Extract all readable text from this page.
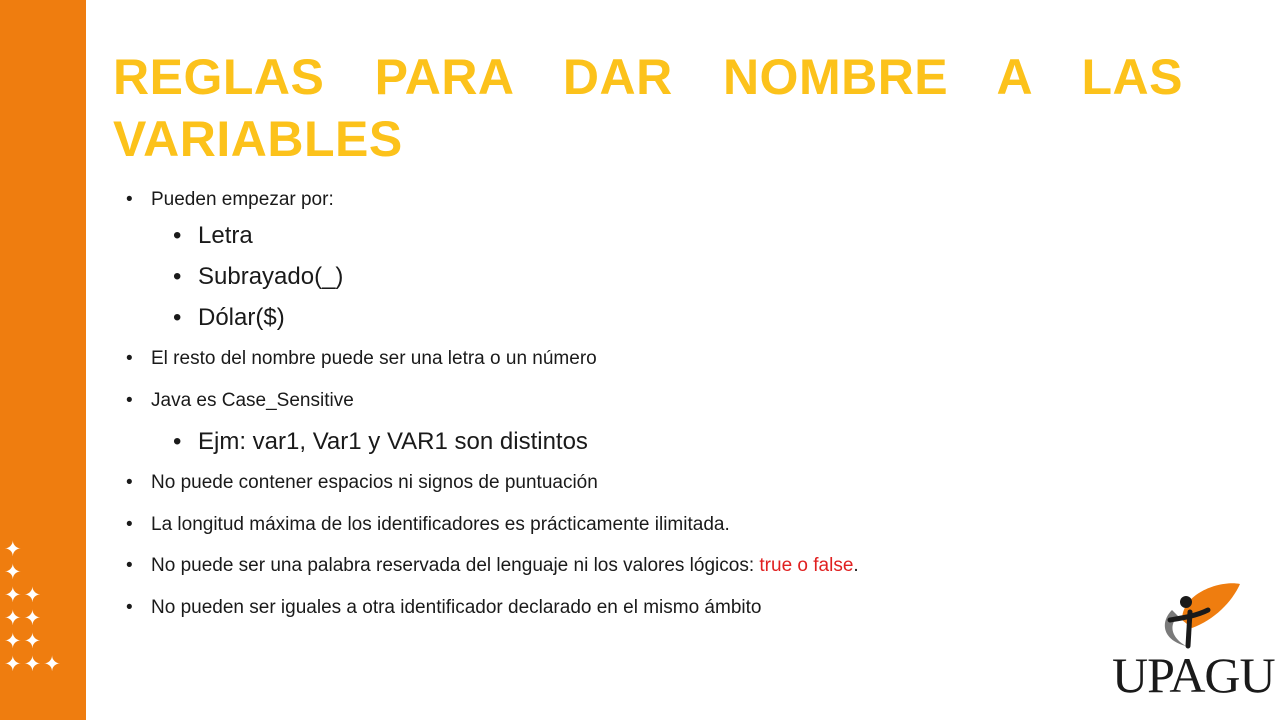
✦
✦
✦✦
✦✦
✦✦
✦✦✦
REGLAS PARA DAR NOMBRE A LAS VARIABLES
• Pueden empezar por:
• Letra
• Subrayado(_)
• Dólar($)
• El resto del nombre puede ser una letra o un número
• Java es Case_Sensitive
• Ejm: var1, Var1 y VAR1 son distintos
• No puede contener espacios ni signos de puntuación
• La longitud máxima de los identificadores es prácticamente ilimitada.
• No puede ser una palabra reservada del lenguaje ni los valores lógicos: true o false.
• No pueden ser iguales a otra identificador declarado en el mismo ámbito
UPAGU
